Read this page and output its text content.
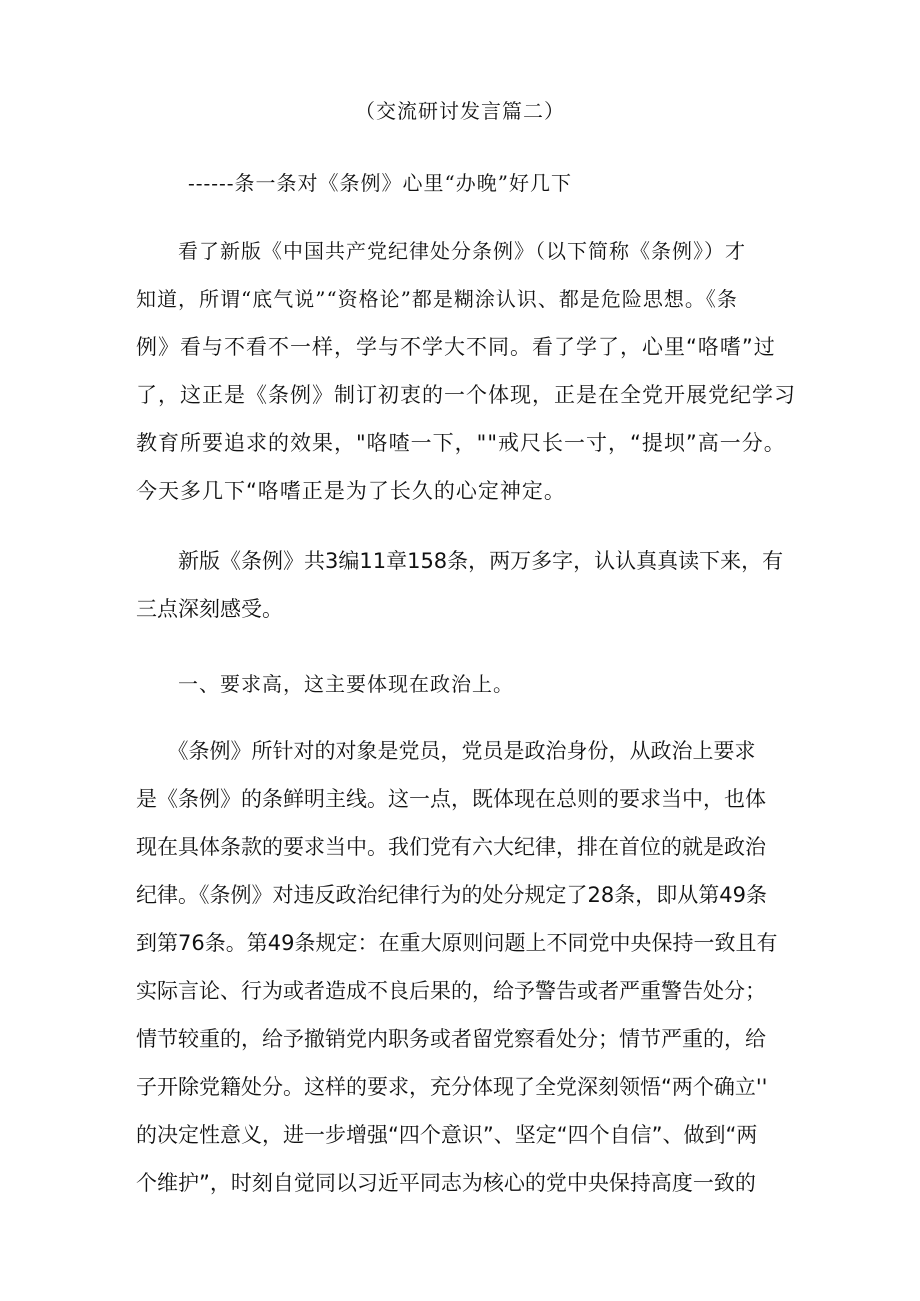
（交流研讨发言篇二）
------条一条对《条例》心里“办晚”好几下
　　看了新版《中国共产党纪律处分条例》（以下简称《条例》）才
知道，所谓“底气说”“资格论”都是糊涂认识、都是危险思想。《条
例》看与不看不一样，学与不学大不同。看了学了，心里“咯嗜”过
了，这正是《条例》制订初衷的一个体现，正是在全党开展党纪学习
教育所要追求的效果，"咯喳一下，""戒尺长一寸，“提坝”高一分。
今天多几下“咯嗜正是为了长久的心定神定。
　　新版《条例》共3编11章158条，两万多字，认认真真读下来，有
三点深刻感受。
　　一、要求高，这主要体现在政治上。
　　《条例》所针对的对象是党员，党员是政治身份，从政治上要求
是《条例》的条鲜明主线。这一点，既体现在总则的要求当中，也体
现在具体条款的要求当中。我们党有六大纪律，排在首位的就是政治
纪律。《条例》对违反政治纪律行为的处分规定了28条，即从第49条
到第76条。第49条规定：在重大原则问题上不同党中央保持一致且有
实际言论、行为或者造成不良后果的，给予警告或者严重警告处分；
情节较重的，给予撤销党内职务或者留党察看处分；情节严重的，给
子开除党籍处分。这样的要求，充分体现了全党深刻领悟“两个确立''
的决定性意义，进一步增强“四个意识”、坚定“四个自信”、做到“两
个维护”，时刻自觉同以习近平同志为核心的党中央保持高度一致的
